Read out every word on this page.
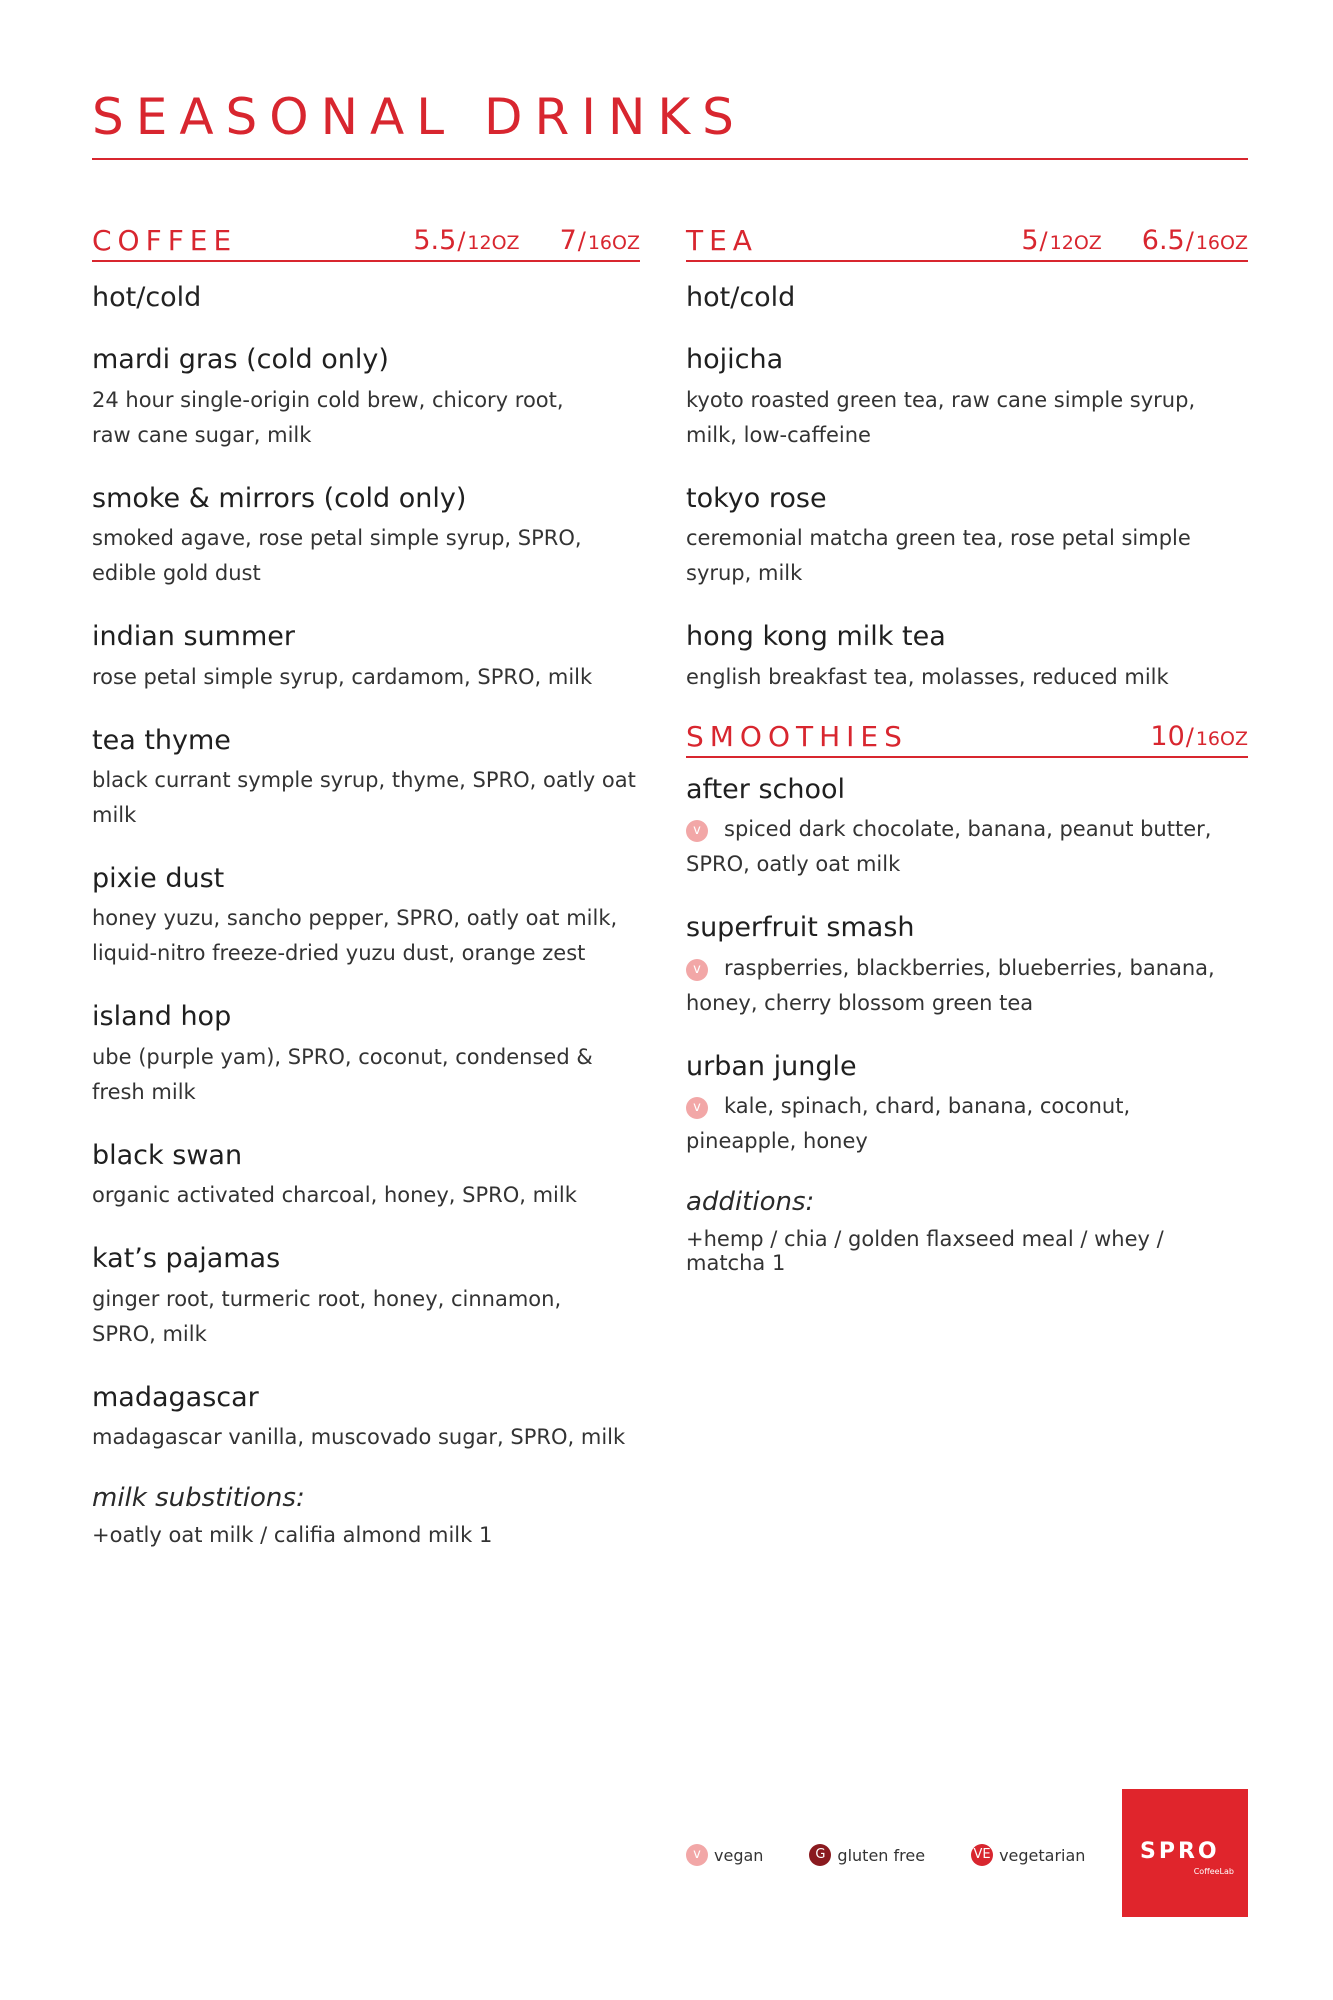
SEASONAL DRINKS
COFFEE	5.5 / 12OZ 7 / 16OZ
hot/cold
mardi gras (cold only)
24 hour single-origin cold brew, chicory root,
raw cane sugar, milk
smoke & mirrors (cold only)
smoked agave, rose petal simple syrup, SPRO,
edible gold dust
indian summer
rose petal simple syrup, cardamom, SPRO, milk
tea thyme
black currant symple syrup, thyme, SPRO, oatly oat milk
pixie dust
honey yuzu, sancho pepper, SPRO, oatly oat milk,
liquid-nitro freeze-dried yuzu dust, orange zest
island hop
ube (purple yam), SPRO, coconut, condensed &
fresh milk
black swan
organic activated charcoal, honey, SPRO, milk
kat’s pajamas
ginger root, turmeric root, honey, cinnamon,
SPRO, milk
madagascar
madagascar vanilla, muscovado sugar, SPRO, milk
milk substitions:
+oatly oat milk / califia almond milk 1
TEA	5 / 12OZ 6.5 / 16OZ
hot/cold
hojicha
kyoto roasted green tea, raw cane simple syrup,
milk, low-caffeine
tokyo rose
ceremonial matcha green tea, rose petal simple syrup, milk
hong kong milk tea
english breakfast tea, molasses, reduced milk
SMOOTHIES	10 / 16OZ
after school
v spiced dark chocolate, banana, peanut butter,
SPRO, oatly oat milk
superfruit smash
v raspberries, blackberries, blueberries, banana,
honey, cherry blossom green tea
urban jungle
v kale, spinach, chard, banana, coconut,
pineapple, honey
additions:
+hemp / chia / golden flaxseed meal / whey / matcha 1
v vegan	G gluten free	VE vegetarian SPRO
CoffeeLab
